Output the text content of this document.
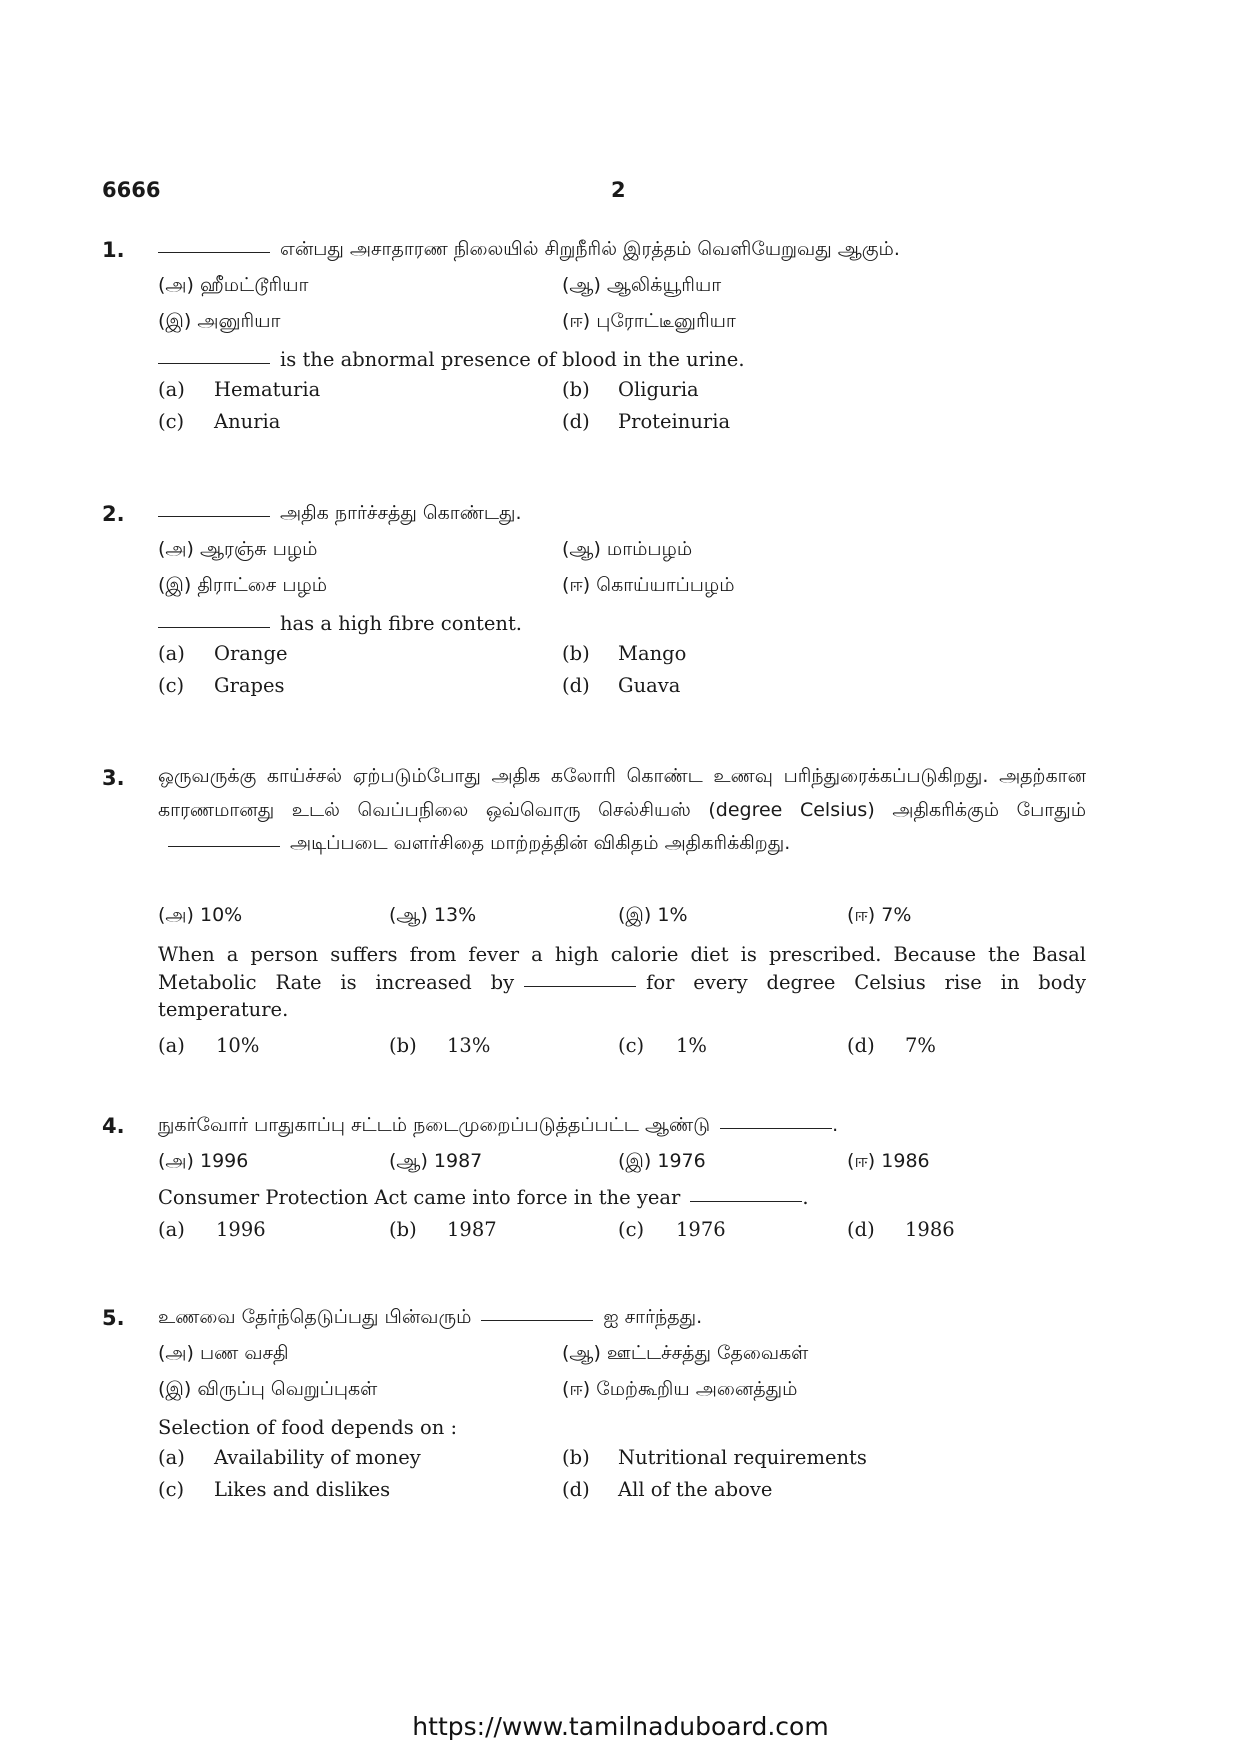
6666	2
1.	என்பது அசாதாரண நிலையில் சிறுநீரில் இரத்தம் வெளியேறுவது ஆகும்.
(அ) ஹீமட்டூரியா	(ஆ) ஆலிக்யூரியா
(இ) அனுரியா	(ஈ) புரோட்டீனுரியா
is the abnormal presence of blood in the urine.
(a) Hematuria	(b) Oliguria
(c) Anuria	(d) Proteinuria
2.	அதிக நார்ச்சத்து கொண்டது.
(அ) ஆரஞ்சு பழம்	(ஆ) மாம்பழம்
(இ) திராட்சை பழம்	(ஈ) கொய்யாப்பழம்
has a high fibre content.
(a) Orange	(b) Mango
(c) Grapes	(d) Guava
3. ஒருவருக்கு காய்ச்சல் ஏற்படும்போது அதிக கலோரி கொண்ட உணவு பரிந்துரைக்கப்படுகிறது. அதற்கான காரணமானது உடல் வெப்பநிலை ஒவ்வொரு செல்சியஸ் (degree Celsius) அதிகரிக்கும் போதும்அடிப்படை வளர்சிதை மாற்றத்தின் விகிதம் அதிகரிக்கிறது.
(அ) 10%	(ஆ) 13%	(இ) 1%	(ஈ) 7%
When a person suffers from fever a high calorie diet is prescribed. Because the Basal Metabolic Rate is increased by	for every degree Celsius rise in body temperature.
(a) 10%	(b) 13%	(c) 1%	(d) 7%
4. நுகர்வோர் பாதுகாப்பு சட்டம் நடைமுறைப்படுத்தப்பட்ட ஆண்டு	.
(அ) 1996	(ஆ) 1987	(இ) 1976	(ஈ) 1986
Consumer Protection Act came into force in the year	.
(a) 1996	(b) 1987	(c) 1976	(d) 1986
5. உணவை தேர்ந்தெடுப்பது பின்வரும்	ஐ சார்ந்தது.
(அ) பண வசதி	(ஆ) ஊட்டச்சத்து தேவைகள்
(இ) விருப்பு வெறுப்புகள்	(ஈ) மேற்கூறிய அனைத்தும்
Selection of food depends on :
(a) Availability of money	(b) Nutritional requirements
(c) Likes and dislikes	(d) All of the above
https://www.tamilnaduboard.com
